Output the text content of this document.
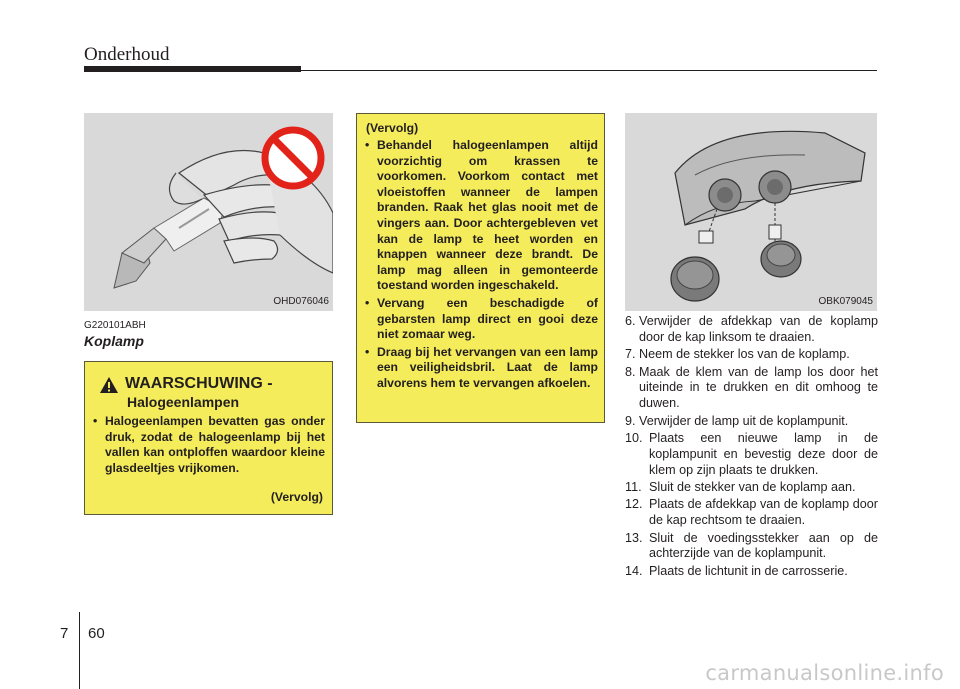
Onderhoud
OHD076046
G220101ABH
Koplamp
WAARSCHUWING -
Halogeenlampen
• Halogeenlampen bevatten gas onder druk, zodat de halogeenlamp bij het vallen kan ontploffen waardoor kleine glasdeeltjes vrijkomen.
(Vervolg)
(Vervolg)
• Behandel halogeenlampen altijd voorzichtig om krassen te voorkomen. Voorkom contact met vloeistoffen wanneer de lampen branden. Raak het glas nooit met de vingers aan. Door achtergebleven vet kan de lamp te heet worden en knappen wanneer deze brandt. De lamp mag alleen in gemonteerde toestand worden ingeschakeld.
• Vervang een beschadigde of gebarsten lamp direct en gooi deze niet zomaar weg.
• Draag bij het vervangen van een lamp een veiligheidsbril. Laat de lamp alvorens hem te vervangen afkoelen.
OBK079045
6. Verwijder de afdekkap van de koplamp door de kap linksom te draaien.
7. Neem de stekker los van de koplamp.
8. Maak de klem van de lamp los door het uiteinde in te drukken en dit omhoog te duwen.
9. Verwijder de lamp uit de koplampunit.
10. Plaats een nieuwe lamp in de koplampunit en bevestig deze door de klem op zijn plaats te drukken.
11. Sluit de stekker van de koplamp aan.
12. Plaats de afdekkap van de koplamp door de kap rechtsom te draaien.
13. Sluit de voedingsstekker aan op de achterzijde van de koplampunit.
14. Plaats de lichtunit in de carrosserie.
7 60
carmanualsonline.info
